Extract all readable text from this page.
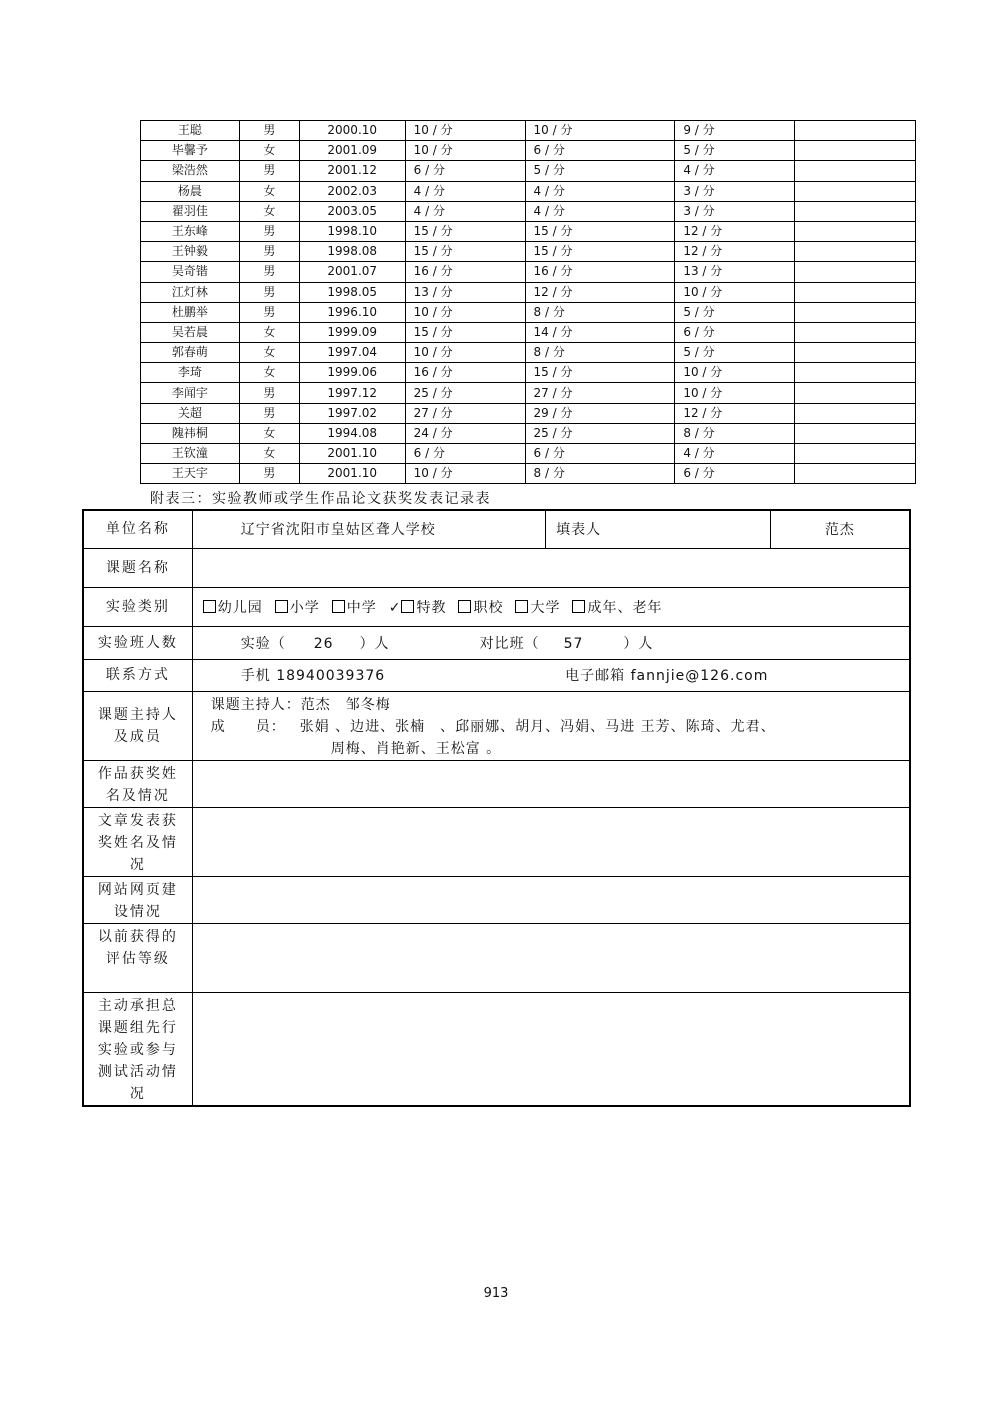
王聪	男	2000.10	10 / 分	10 / 分	9 / 分	
毕馨予	女	2001.09	10 / 分	6 / 分	5 / 分	
梁浩然	男	2001.12	6 / 分	5 / 分	4 / 分	
杨晨	女	2002.03	4 / 分	4 / 分	3 / 分	
翟羽佳	女	2003.05	4 / 分	4 / 分	3 / 分	
王东峰	男	1998.10	15 / 分	15 / 分	12 / 分	
王钟毅	男	1998.08	15 / 分	15 / 分	12 / 分	
吴奇锴	男	2001.07	16 / 分	16 / 分	13 / 分	
江灯林	男	1998.05	13 / 分	12 / 分	10 / 分	
杜鹏举	男	1996.10	10 / 分	8 / 分	5 / 分	
吴若晨	女	1999.09	15 / 分	14 / 分	6 / 分	
郭春萌	女	1997.04	10 / 分	8 / 分	5 / 分	
李琦	女	1999.06	16 / 分	15 / 分	10 / 分	
李闻宇	男	1997.12	25 / 分	27 / 分	10 / 分	
关超	男	1997.02	27 / 分	29 / 分	12 / 分	
隗祎桐	女	1994.08	24 / 分	25 / 分	8 / 分	
王钦潼	女	2001.10	6 / 分	6 / 分	4 / 分	
王天宇	男	2001.10	10 / 分	8 / 分	6 / 分	
附表三：实验教师或学生作品论文获奖发表记录表
单位名称	辽宁省沈阳市皇姑区聋人学校	填表人	范杰
课题名称			
实验类别	幼儿园 小学 中学 ✓ 特教 职校 大学 成年、老年		
实验班人数	实验（ 26 ）人 对比班（ 57 ）人		
联系方式	手机 18940039376 电子邮箱 fannjie@126.com		
课题主持人及成员	课题主持人：范杰　邹冬梅
成　　员： 张娟 、边进、张楠　、邱丽娜、胡月、冯娟、马进 王芳、陈琦、尤君、
周梅、肖艳新、王松富 。		

作品获奖姓名及情况			
文章发表获奖姓名及情况			
网站网页建设情况			
以前获得的评估等级			
主动承担总课题组先行实验或参与测试活动情况			
913
